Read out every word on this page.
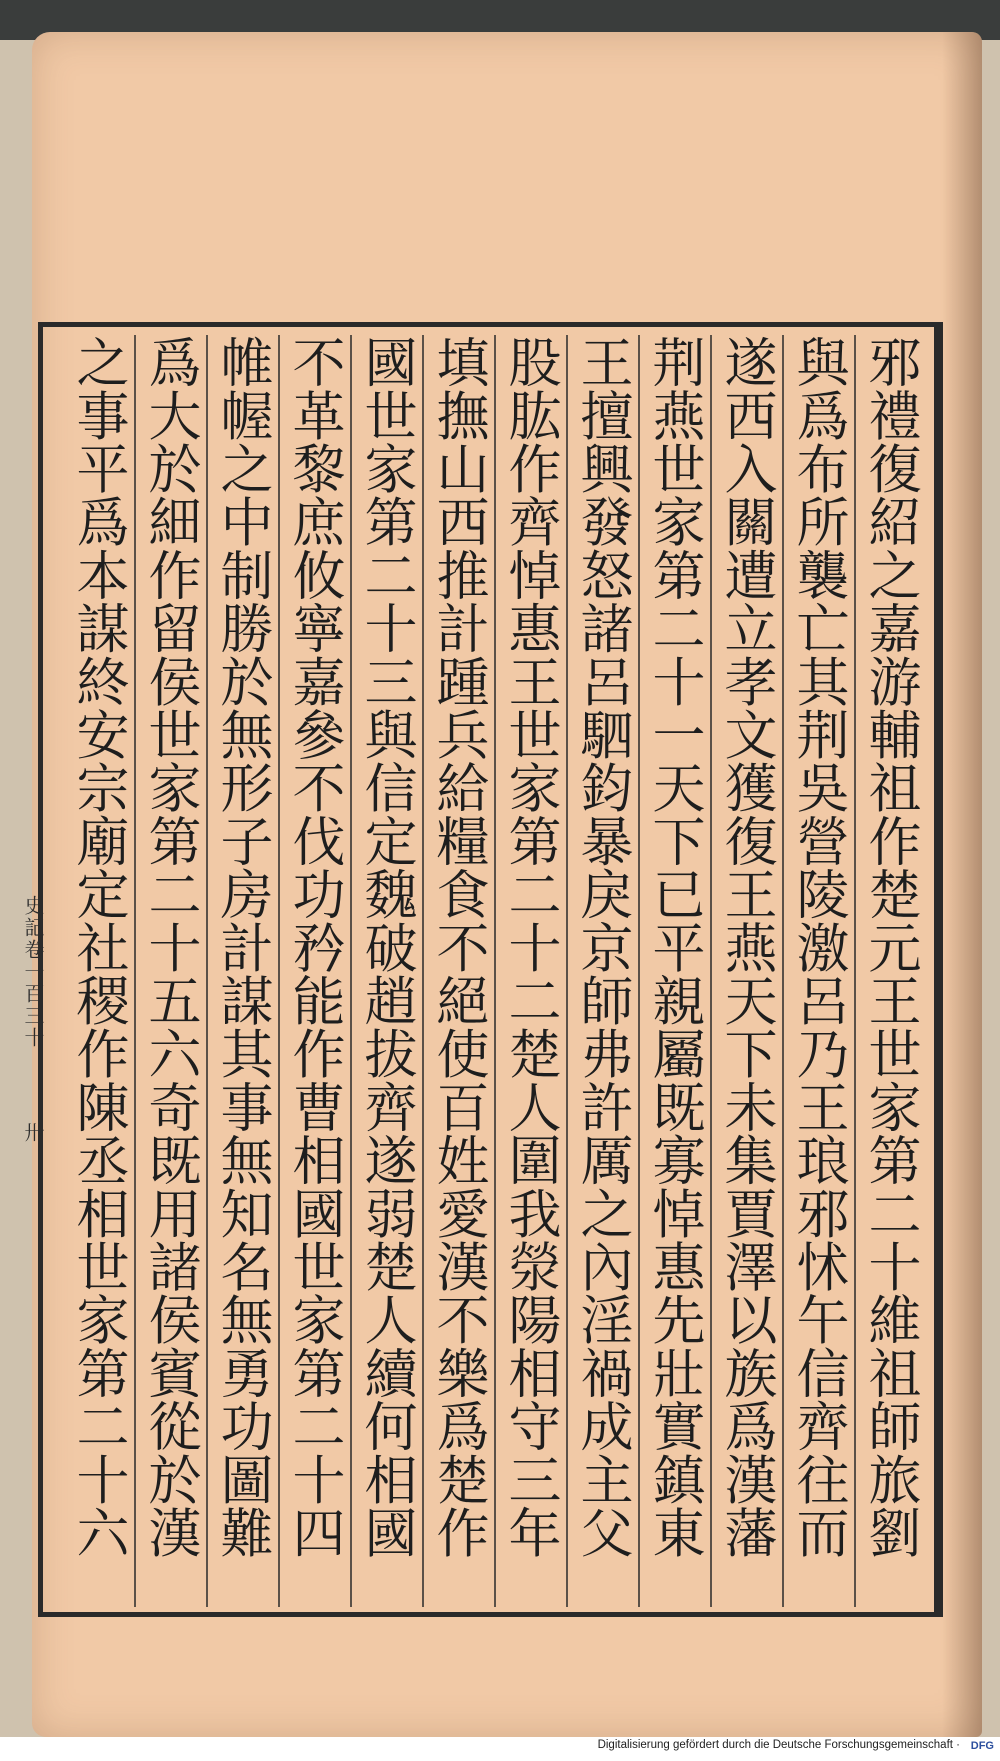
邪禮復紹之嘉游輔祖作楚元王世家第二十維祖師旅劉
與爲布所襲亡其荆吳營陵激呂乃王琅邪怵午信齊往而
遂西入關遭立孝文獲復王燕天下未集賈澤以族爲漢藩
荆燕世家第二十一天下已平親屬既寡悼惠先壯實鎮東
王擅興發怒諸呂駟鈞暴戾京師弗許厲之內淫禍成主父
股肱作齊悼惠王世家第二十二楚人圍我滎陽相守三年
填撫山西推計踵兵給糧食不絕使百姓愛漢不樂爲楚作
國世家第二十三與信定魏破趙拔齊遂弱楚人續何相國
不革黎庶攸寧嘉參不伐功矜能作曹相國世家第二十四
帷幄之中制勝於無形子房計謀其事無知名無勇功圖難
爲大於細作留侯世家第二十五六奇既用諸侯賓從於漢
之事平爲本謀終安宗廟定社稷作陳丞相世家第二十六
史記卷一百三十
卅
Digitalisierung gefördert durch die Deutsche Forschungsgemeinschaft · DFG
